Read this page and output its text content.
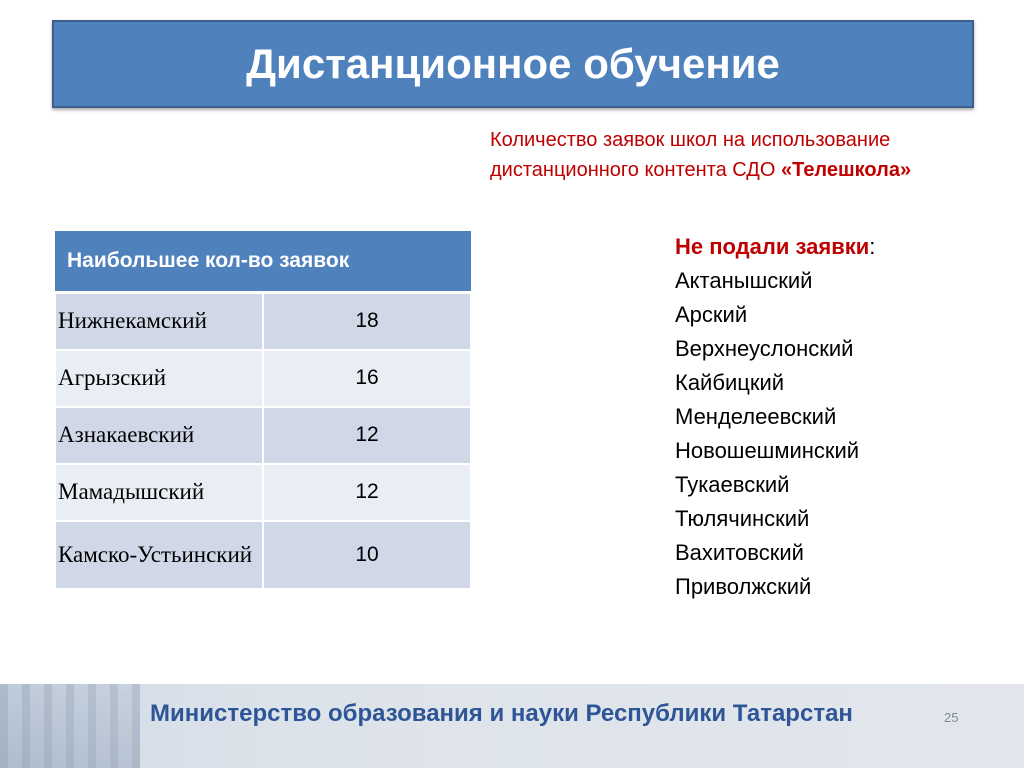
Дистанционное обучение
Количество заявок школ на использование
дистанционного контента СДО «Телешкола»
Наибольшее кол-во заявок	
Нижнекамский	18
Агрызский	16
Азнакаевский	12
Мамадышский	12
Камско-Устьинский	10
Не подали заявки:
Актанышский
Арский
Верхнеуслонский
Кайбицкий
Менделеевский
Новошешминский
Тукаевский
Тюлячинский
Вахитовский
Приволжский
Министерство образования и науки Республики Татарстан	25
